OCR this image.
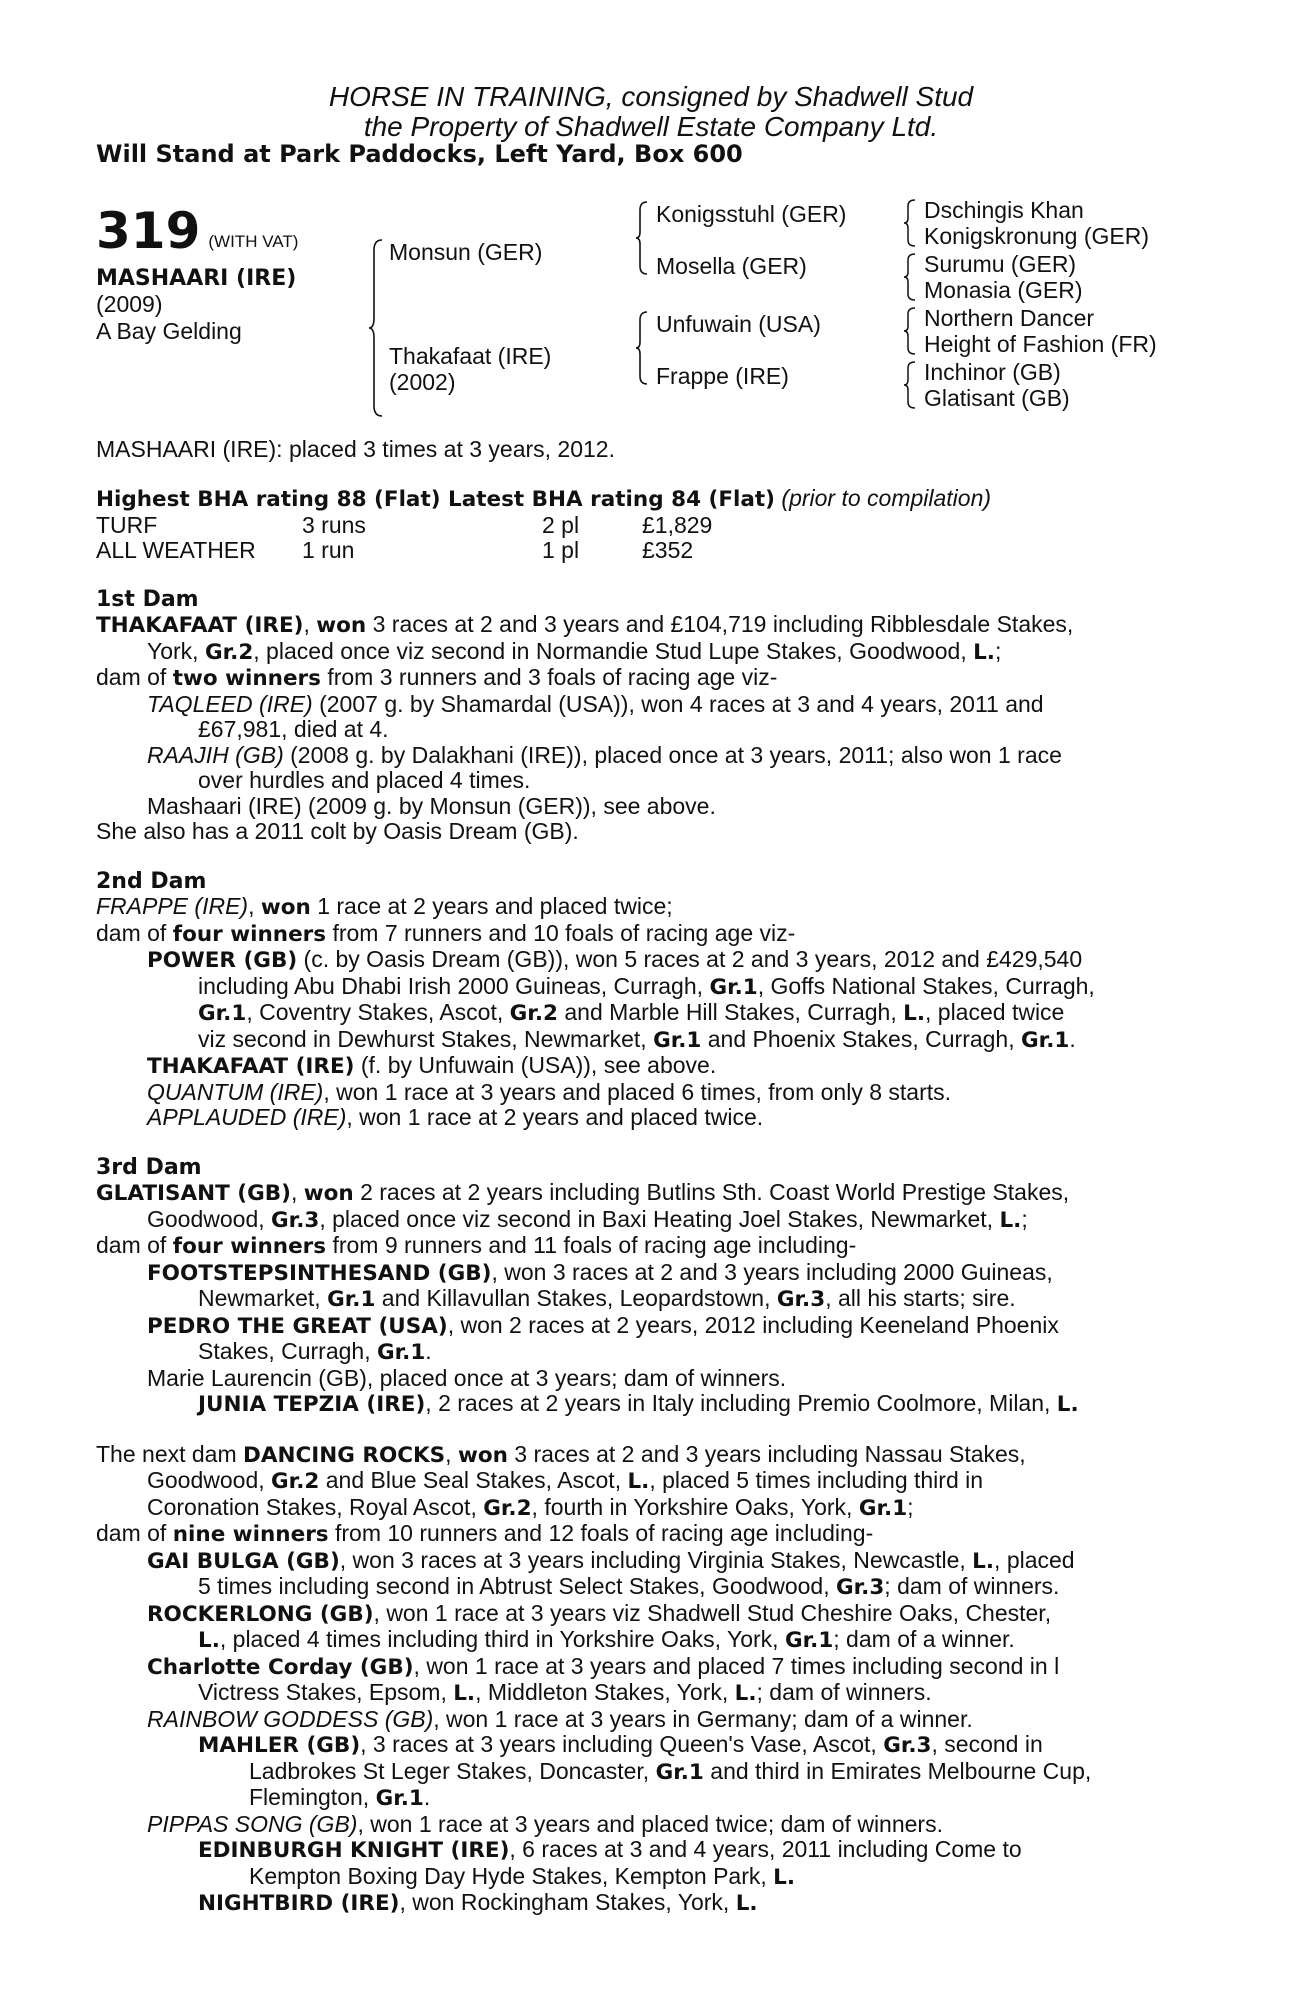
HORSE IN TRAINING, consigned by Shadwell Stud
the Property of Shadwell Estate Company Ltd.
Will Stand at Park Paddocks, Left Yard, Box 600
319 (WITH VAT)
MASHAARI (IRE)
(2009)
A Bay Gelding
Monsun (GER)
Thakafaat (IRE)
(2002)
Konigsstuhl (GER)
Mosella (GER)
Unfuwain (USA)
Frappe (IRE)
Dschingis Khan
Konigskronung (GER)
Surumu (GER)
Monasia (GER)
Northern Dancer
Height of Fashion (FR)
Inchinor (GB)
Glatisant (GB)
MASHAARI (IRE): placed 3 times at 3 years, 2012.
Highest BHA rating 88 (Flat) Latest BHA rating 84 (Flat) (prior to compilation)
TURF	3 runs	2 pl	£1,829
ALL WEATHER	1 run	1 pl	£352
1st Dam
THAKAFAAT (IRE), won 3 races at 2 and 3 years and £104,719 including Ribblesdale Stakes,
York, Gr.2, placed once viz second in Normandie Stud Lupe Stakes, Goodwood, L.;
dam of two winners from 3 runners and 3 foals of racing age viz-
TAQLEED (IRE) (2007 g. by Shamardal (USA)), won 4 races at 3 and 4 years, 2011 and
£67,981, died at 4.
RAAJIH (GB) (2008 g. by Dalakhani (IRE)), placed once at 3 years, 2011; also won 1 race
over hurdles and placed 4 times.
Mashaari (IRE) (2009 g. by Monsun (GER)), see above.
She also has a 2011 colt by Oasis Dream (GB).
2nd Dam
FRAPPE (IRE), won 1 race at 2 years and placed twice;
dam of four winners from 7 runners and 10 foals of racing age viz-
POWER (GB) (c. by Oasis Dream (GB)), won 5 races at 2 and 3 years, 2012 and £429,540
including Abu Dhabi Irish 2000 Guineas, Curragh, Gr.1, Goffs National Stakes, Curragh,
Gr.1, Coventry Stakes, Ascot, Gr.2 and Marble Hill Stakes, Curragh, L., placed twice
viz second in Dewhurst Stakes, Newmarket, Gr.1 and Phoenix Stakes, Curragh, Gr.1.
THAKAFAAT (IRE) (f. by Unfuwain (USA)), see above.
QUANTUM (IRE), won 1 race at 3 years and placed 6 times, from only 8 starts.
APPLAUDED (IRE), won 1 race at 2 years and placed twice.
3rd Dam
GLATISANT (GB), won 2 races at 2 years including Butlins Sth. Coast World Prestige Stakes,
Goodwood, Gr.3, placed once viz second in Baxi Heating Joel Stakes, Newmarket, L.;
dam of four winners from 9 runners and 11 foals of racing age including-
FOOTSTEPSINTHESAND (GB), won 3 races at 2 and 3 years including 2000 Guineas,
Newmarket, Gr.1 and Killavullan Stakes, Leopardstown, Gr.3, all his starts; sire.
PEDRO THE GREAT (USA), won 2 races at 2 years, 2012 including Keeneland Phoenix
Stakes, Curragh, Gr.1.
Marie Laurencin (GB), placed once at 3 years; dam of winners.
JUNIA TEPZIA (IRE), 2 races at 2 years in Italy including Premio Coolmore, Milan, L.
The next dam DANCING ROCKS, won 3 races at 2 and 3 years including Nassau Stakes,
Goodwood, Gr.2 and Blue Seal Stakes, Ascot, L., placed 5 times including third in
Coronation Stakes, Royal Ascot, Gr.2, fourth in Yorkshire Oaks, York, Gr.1;
dam of nine winners from 10 runners and 12 foals of racing age including-
GAI BULGA (GB), won 3 races at 3 years including Virginia Stakes, Newcastle, L., placed
5 times including second in Abtrust Select Stakes, Goodwood, Gr.3; dam of winners.
ROCKERLONG (GB), won 1 race at 3 years viz Shadwell Stud Cheshire Oaks, Chester,
L., placed 4 times including third in Yorkshire Oaks, York, Gr.1; dam of a winner.
Charlotte Corday (GB), won 1 race at 3 years and placed 7 times including second in l
Victress Stakes, Epsom, L., Middleton Stakes, York, L.; dam of winners.
RAINBOW GODDESS (GB), won 1 race at 3 years in Germany; dam of a winner.
MAHLER (GB), 3 races at 3 years including Queen's Vase, Ascot, Gr.3, second in
Ladbrokes St Leger Stakes, Doncaster, Gr.1 and third in Emirates Melbourne Cup,
Flemington, Gr.1.
PIPPAS SONG (GB), won 1 race at 3 years and placed twice; dam of winners.
EDINBURGH KNIGHT (IRE), 6 races at 3 and 4 years, 2011 including Come to
Kempton Boxing Day Hyde Stakes, Kempton Park, L.
NIGHTBIRD (IRE), won Rockingham Stakes, York, L.
